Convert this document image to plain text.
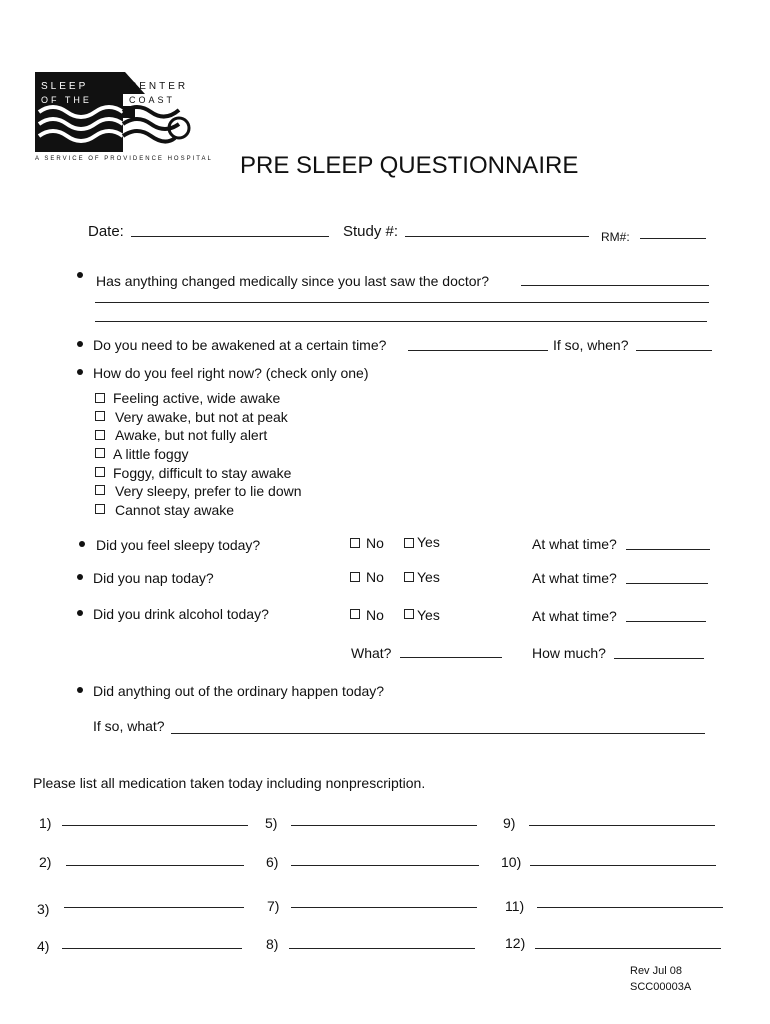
SLEEP	CENTER
OF THE	COAST
A SERVICE OF PROVIDENCE HOSPITAL PRE SLEEP QUESTIONNAIRE
Date:	Study #:	RM#:
Has anything changed medically since you last saw the doctor?
Do you need to be awakened at a certain time?	If so, when?
How do you feel right now? (check only one)
Feeling active, wide awake
Very awake, but not at peak
Awake, but not fully alert
A little foggy
Foggy, difficult to stay awake
Very sleepy, prefer to lie down
Cannot stay awake
Did you feel sleepy today?	No Yes	At what time?
Did you nap today?	No Yes	At what time?
Did you drink alcohol today?	No Yes	At what time?
What?	How much?
Did anything out of the ordinary happen today?
If so, what?
Please list all medication taken today including nonprescription.
1)
2)
3)
4)
5)
6)
7)
8)
9)
10)
11)
12)
Rev Jul 08
SCC00003A
